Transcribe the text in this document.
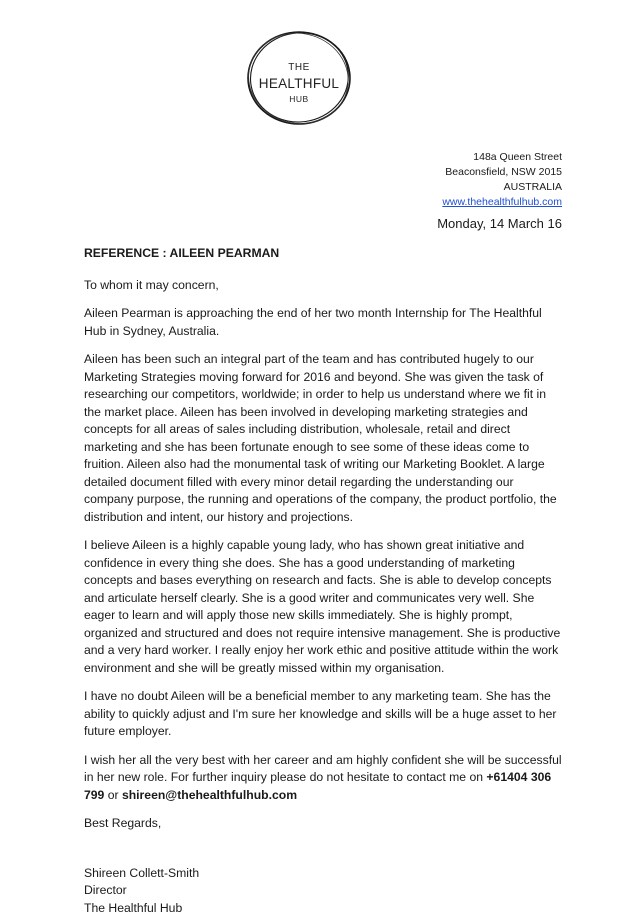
THE
HEALTHFUL
HUB
148a Queen Street
Beaconsfield, NSW 2015
AUSTRALIA
www.thehealthfulhub.com
Monday, 14 March 16

REFERENCE : AILEEN PEARMAN

To whom it may concern,

Aileen Pearman is approaching the end of her two month Internship for The Healthful Hub in Sydney, Australia.

Aileen has been such an integral part of the team and has contributed hugely to our Marketing Strategies moving forward for 2016 and beyond. She was given the task of researching our competitors, worldwide; in order to help us understand where we fit in the market place. Aileen has been involved in developing marketing strategies and concepts for all areas of sales including distribution, wholesale, retail and direct marketing and she has been fortunate enough to see some of these ideas come to fruition. Aileen also had the monumental task of writing our Marketing Booklet. A large detailed document filled with every minor detail regarding the understanding our company purpose, the running and operations of the company, the product portfolio, the distribution and intent, our history and projections.

I believe Aileen is a highly capable young lady, who has shown great initiative and confidence in every thing she does. She has a good understanding of marketing concepts and bases everything on research and facts. She is able to develop concepts and articulate herself clearly. She is a good writer and communicates very well. She eager to learn and will apply those new skills immediately. She is highly prompt, organized and structured and does not require intensive management. She is productive and a very hard worker. I really enjoy her work ethic and positive attitude within the work environment and she will be greatly missed within my organisation.

I have no doubt Aileen will be a beneficial member to any marketing team. She has the ability to quickly adjust and I'm sure her knowledge and skills will be a huge asset to her future employer.

I wish her all the very best with her career and am highly confident she will be successful in her new role. For further inquiry please do not hesitate to contact me on +61404 306 799 or shireen@thehealthfulhub.com

Best Regards,

Shireen Collett-Smith
Director
The Healthful Hub
